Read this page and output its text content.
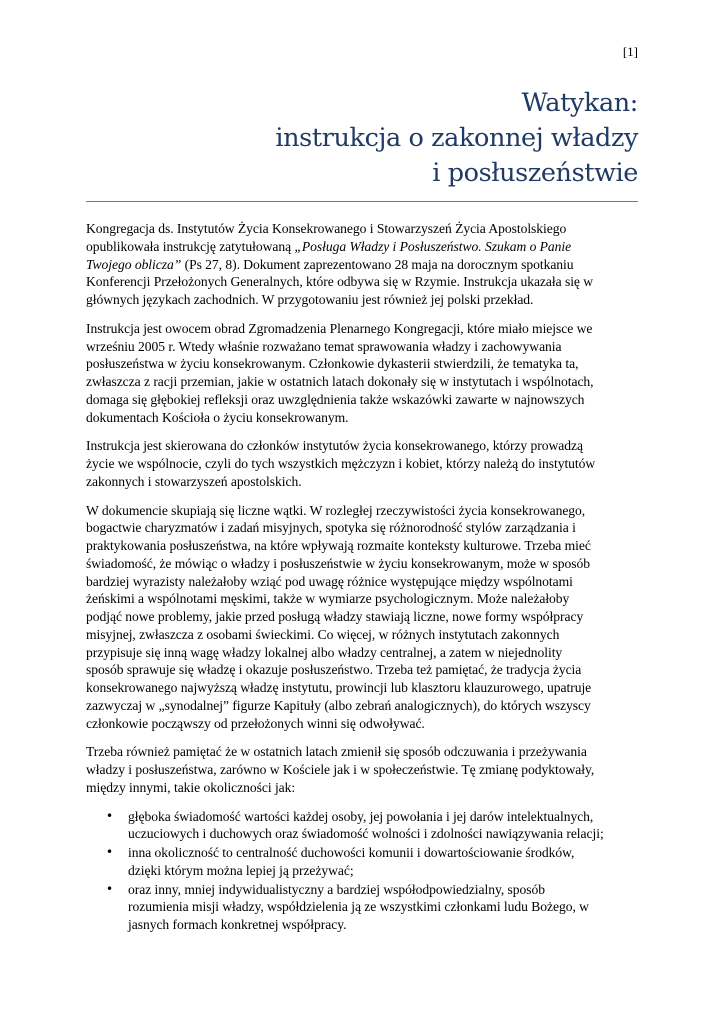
[1]
Watykan:
instrukcja o zakonnej władzy
i posłuszeństwie

Kongregacja ds. Instytutów Życia Konsekrowanego i Stowarzyszeń Życia Apostolskiego
opublikowała instrukcję zatytułowaną „Posługa Władzy i Posłuszeństwo. Szukam o Panie
Twojego oblicza” (Ps 27, 8). Dokument zaprezentowano 28 maja na dorocznym spotkaniu
Konferencji Przełożonych Generalnych, które odbywa się w Rzymie. Instrukcja ukazała się w
głównych językach zachodnich. W przygotowaniu jest również jej polski przekład.

Instrukcja jest owocem obrad Zgromadzenia Plenarnego Kongregacji, które miało miejsce we
wrześniu 2005 r. Wtedy właśnie rozważano temat sprawowania władzy i zachowywania
posłuszeństwa w życiu konsekrowanym. Członkowie dykasterii stwierdzili, że tematyka ta,
zwłaszcza z racji przemian, jakie w ostatnich latach dokonały się w instytutach i wspólnotach,
domaga się głębokiej refleksji oraz uwzględnienia także wskazówki zawarte w najnowszych
dokumentach Kościoła o życiu konsekrowanym.

Instrukcja jest skierowana do członków instytutów życia konsekrowanego, którzy prowadzą
życie we wspólnocie, czyli do tych wszystkich mężczyzn i kobiet, którzy należą do instytutów
zakonnych i stowarzyszeń apostolskich.

W dokumencie skupiają się liczne wątki. W rozległej rzeczywistości życia konsekrowanego,
bogactwie charyzmatów i zadań misyjnych, spotyka się różnorodność stylów zarządzania i
praktykowania posłuszeństwa, na które wpływają rozmaite konteksty kulturowe. Trzeba mieć
świadomość, że mówiąc o władzy i posłuszeństwie w życiu konsekrowanym, może w sposób
bardziej wyrazisty należałoby wziąć pod uwagę różnice występujące między wspólnotami
żeńskimi a wspólnotami męskimi, także w wymiarze psychologicznym. Może należałoby
podjąć nowe problemy, jakie przed posługą władzy stawiają liczne, nowe formy współpracy
misyjnej, zwłaszcza z osobami świeckimi. Co więcej, w różnych instytutach zakonnych
przypisuje się inną wagę władzy lokalnej albo władzy centralnej, a zatem w niejednolity
sposób sprawuje się władzę i okazuje posłuszeństwo. Trzeba też pamiętać, że tradycja życia
konsekrowanego najwyższą władzę instytutu, prowincji lub klasztoru klauzurowego, upatruje
zazwyczaj w „synodalnej” figurze Kapituły (albo zebrań analogicznych), do których wszyscy
członkowie począwszy od przełożonych winni się odwoływać.

Trzeba również pamiętać że w ostatnich latach zmienił się sposób odczuwania i przeżywania
władzy i posłuszeństwa, zarówno w Kościele jak i w społeczeństwie. Tę zmianę podyktowały,
między innymi, takie okoliczności jak:

• głęboka świadomość wartości każdej osoby, jej powołania i jej darów intelektualnych,
uczuciowych i duchowych oraz świadomość wolności i zdolności nawiązywania relacji;
• inna okoliczność to centralność duchowości komunii i dowartościowanie środków,
dzięki którym można lepiej ją przeżywać;
• oraz inny, mniej indywidualistyczny a bardziej współodpowiedzialny, sposób
rozumienia misji władzy, współdzielenia ją ze wszystkimi członkami ludu Bożego, w
jasnych formach konkretnej współpracy.
